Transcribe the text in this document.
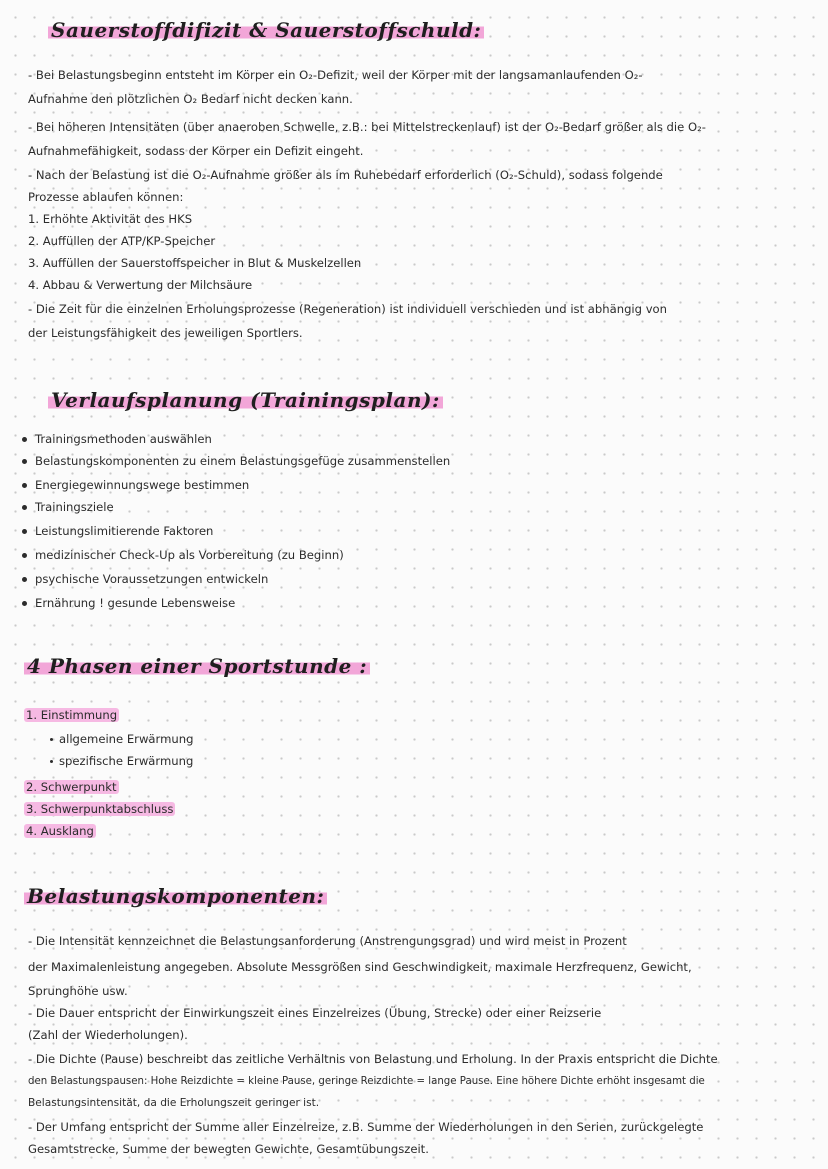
Sauerstoffdifizit & Sauerstoffschuld:
- Bei Belastungsbeginn entsteht im Körper ein O₂-Defizit, weil der Körper mit der langsamanlaufenden O₂-
Aufnahme den plötzlichen O₂ Bedarf nicht decken kann.
- Bei höheren Intensitäten (über anaeroben Schwelle, z.B.: bei Mittelstreckenlauf) ist der O₂-Bedarf größer als die O₂-
Aufnahmefähigkeit, sodass der Körper ein Defizit eingeht.
- Nach der Belastung ist die O₂-Aufnahme größer als im Ruhebedarf erforderlich (O₂-Schuld), sodass folgende
Prozesse ablaufen können:
1. Erhöhte Aktivität des HKS
2. Auffüllen der ATP/KP-Speicher
3. Auffüllen der Sauerstoffspeicher in Blut & Muskelzellen
4. Abbau & Verwertung der Milchsäure
- Die Zeit für die einzelnen Erholungsprozesse (Regeneration) ist individuell verschieden und ist abhängig von
der Leistungsfähigkeit des jeweiligen Sportlers.
Verlaufsplanung (Trainingsplan):
Trainingsmethoden auswählen
Belastungskomponenten zu einem Belastungsgefüge zusammenstellen
Energiegewinnungswege bestimmen
Trainingsziele
Leistungslimitierende Faktoren
medizinischer Check-Up als Vorbereitung (zu Beginn)
psychische Voraussetzungen entwickeln
Ernährung ! gesunde Lebensweise
4 Phasen einer Sportstunde :
1. Einstimmung
allgemeine Erwärmung
spezifische Erwärmung
2. Schwerpunkt
3. Schwerpunktabschluss
4. Ausklang
Belastungskomponenten:
- Die Intensität kennzeichnet die Belastungsanforderung (Anstrengungsgrad) und wird meist in Prozent
der Maximalenleistung angegeben. Absolute Messgrößen sind Geschwindigkeit, maximale Herzfrequenz, Gewicht,
Sprunghöhe usw.
- Die Dauer entspricht der Einwirkungszeit eines Einzelreizes (Übung, Strecke) oder einer Reizserie
(Zahl der Wiederholungen).
- Die Dichte (Pause) beschreibt das zeitliche Verhältnis von Belastung und Erholung. In der Praxis entspricht die Dichte
den Belastungspausen: Hohe Reizdichte = kleine Pause, geringe Reizdichte = lange Pause. Eine höhere Dichte erhöht insgesamt die
Belastungsintensität, da die Erholungszeit geringer ist.
- Der Umfang entspricht der Summe aller Einzelreize, z.B. Summe der Wiederholungen in den Serien, zurückgelegte
Gesamtstrecke, Summe der bewegten Gewichte, Gesamtübungszeit.
